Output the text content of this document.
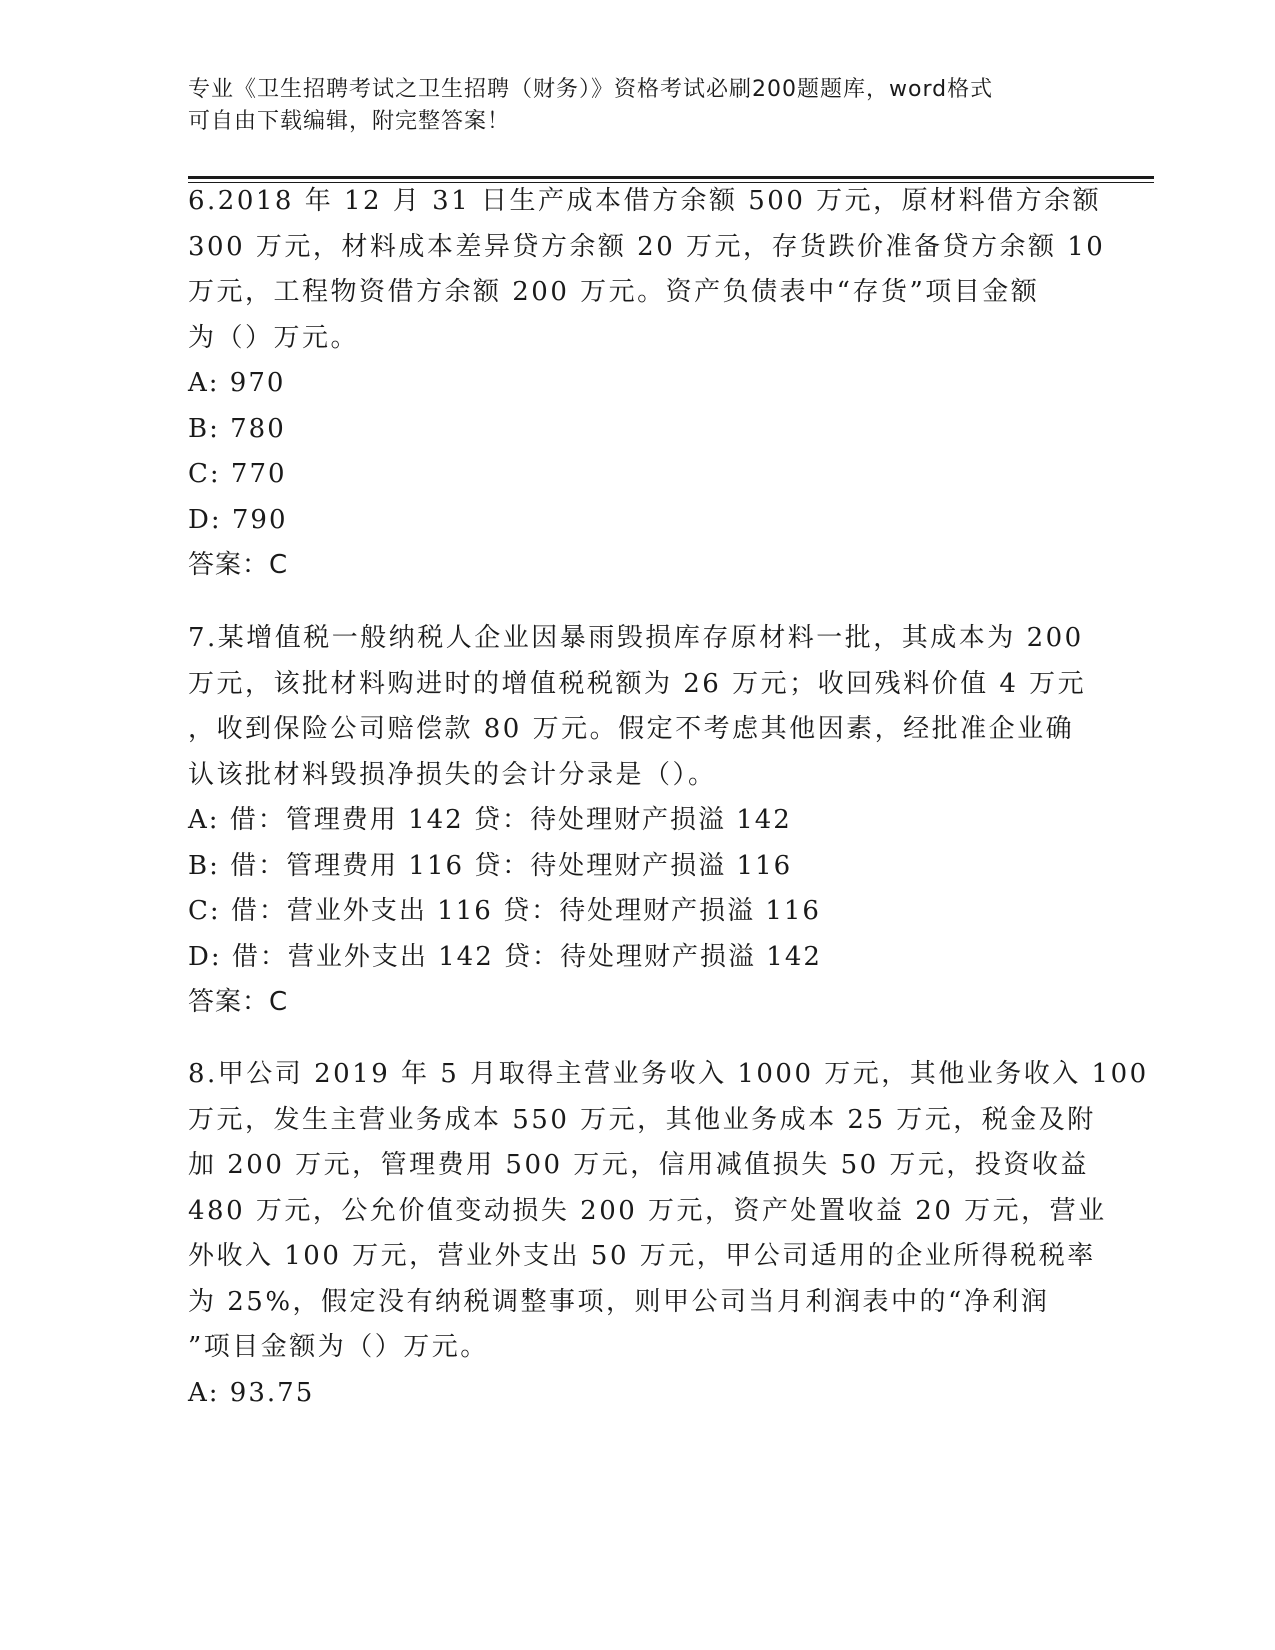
专业《卫生招聘考试之卫生招聘（财务）》资格考试必刷200题题库，word格式
可自由下载编辑，附完整答案！
6.2018 年 12 月 31 日生产成本借方余额 500 万元，原材料借方余额
300 万元，材料成本差异贷方余额 20 万元，存货跌价准备贷方余额 10
万元，工程物资借方余额 200 万元。资产负债表中“存货”项目金额
为（）万元。
A: 970
B: 780
C: 770
D: 790
答案：C
7.某增值税一般纳税人企业因暴雨毁损库存原材料一批，其成本为 200
万元，该批材料购进时的增值税税额为 26 万元；收回残料价值 4 万元
，收到保险公司赔偿款 80 万元。假定不考虑其他因素，经批准企业确
认该批材料毁损净损失的会计分录是（）。
A: 借：管理费用 142 贷：待处理财产损溢 142
B: 借：管理费用 116 贷：待处理财产损溢 116
C: 借：营业外支出 116 贷：待处理财产损溢 116
D: 借：营业外支出 142 贷：待处理财产损溢 142
答案：C
8.甲公司 2019 年 5 月取得主营业务收入 1000 万元，其他业务收入 100
万元，发生主营业务成本 550 万元，其他业务成本 25 万元，税金及附
加 200 万元，管理费用 500 万元，信用减值损失 50 万元，投资收益
480 万元，公允价值变动损失 200 万元，资产处置收益 20 万元，营业
外收入 100 万元，营业外支出 50 万元，甲公司适用的企业所得税税率
为 25%，假定没有纳税调整事项，则甲公司当月利润表中的“净利润
”项目金额为（）万元。
A: 93.75
